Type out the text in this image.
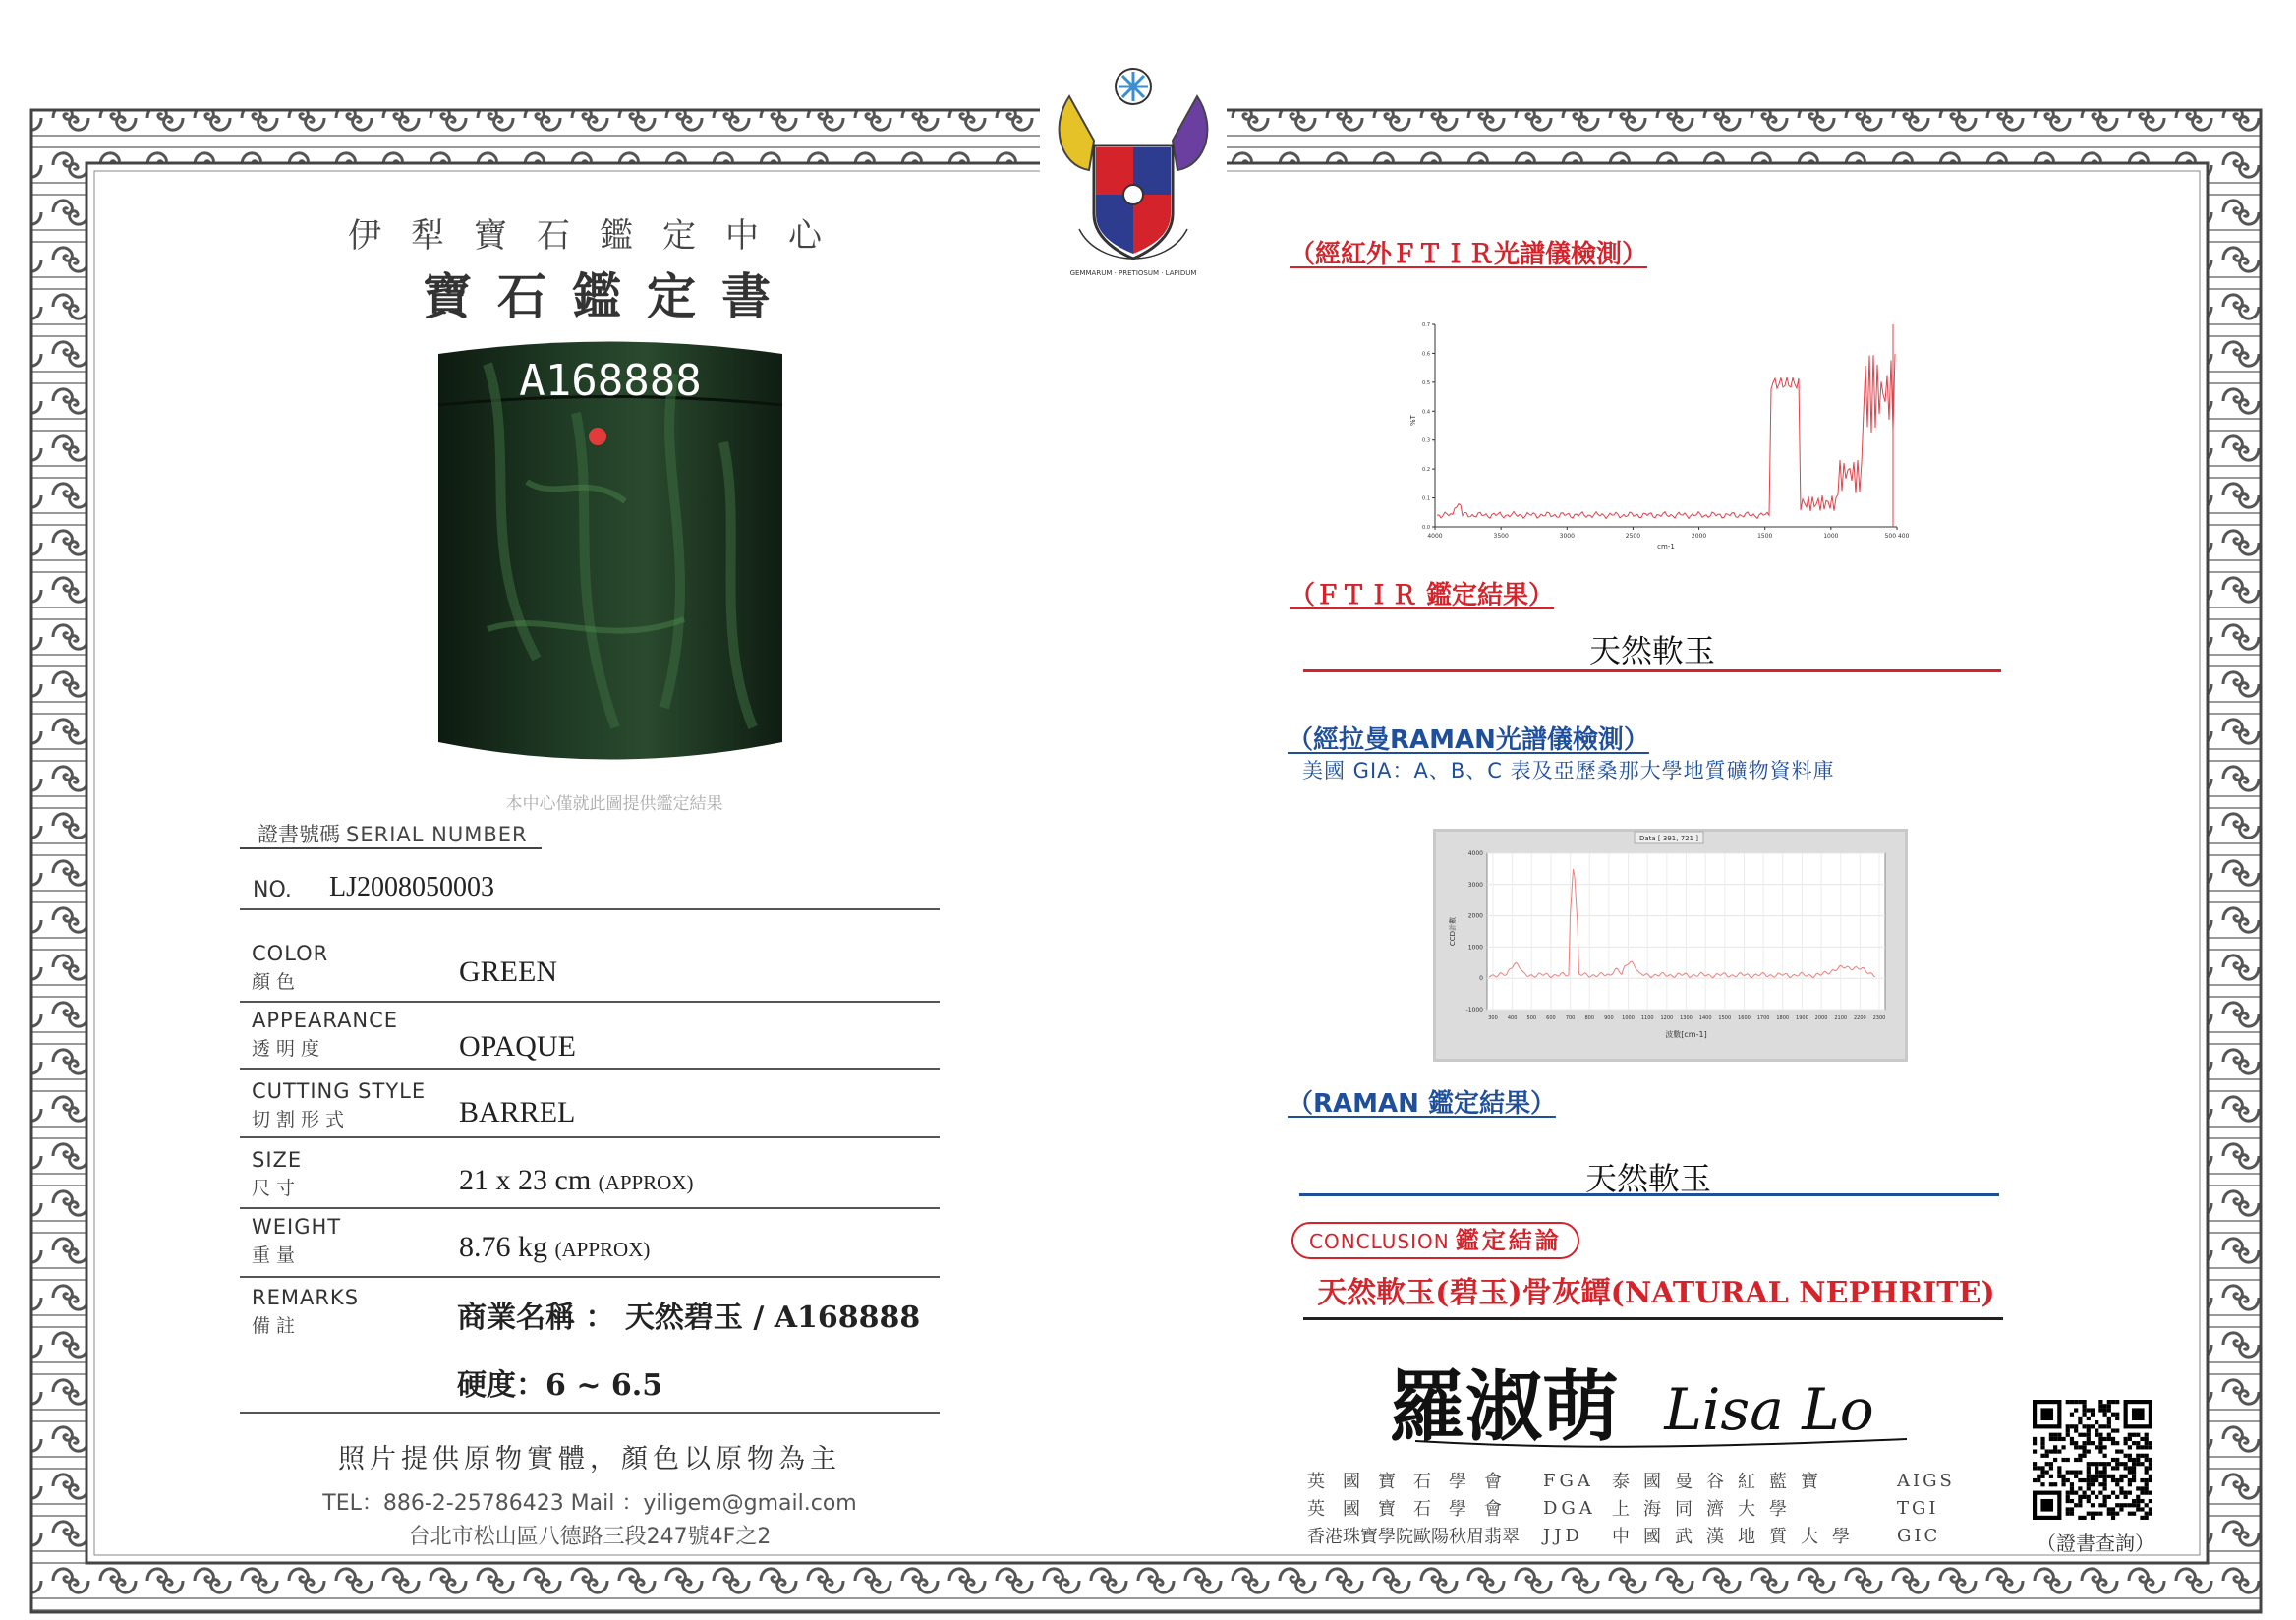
GEMMARUM · PRETIOSUM · LAPIDUM
伊犁寶石鑑定中心
寶石鑑定書
A168888
本中心僅就此圖提供鑑定結果
證書號碼 SERIAL NUMBER
NO. LJ2008050003
COLOR
顏色	GREEN
APPEARANCE
透明度	OPAQUE
CUTTING STYLE
切割形式	BARREL
SIZE
尺寸	21 x 23 cm (APPROX)
WEIGHT
重量	8.76 kg (APPROX)
REMARKS
備註	商業名稱 ： 天然碧玉 / A168888
硬度：6 ~ 6.5
照片提供原物實體，顏色以原物為主
TEL：886-2-25786423 Mail ：yiligem@gmail.com
台北市松山區八德路三段247號4F之2
（經紅外ＦＴＩＲ光譜儀檢測）
0.0
0.1
0.2
0.3
0.4
0.5
0.6
0.7
4000	3500	3000	2500	2000	1500	1000	500 400
%T
cm-1
（ＦＴＩＲ 鑑定結果）
天然軟玉
（經拉曼RAMAN光譜儀檢測）
美國 GIA：A、B、C 表及亞歷桑那大學地質礦物資料庫
Data [ 391, 721 ]
4000
3000
2000
1000
0
-1000
300 400 500 600 700 800 900 1000 1100 1200 1300 1400 1500 1600 1700 1800 1900 2000 2100 2200 2300
CCD計數
波數[cm-1]
（RAMAN 鑑定結果）
天然軟玉
CONCLUSION 鑑定結論
天然軟玉(碧玉)骨灰罈(NATURAL NEPHRITE)
羅淑萌 Lisa Lo
英國寶石學會	FGA	泰國曼谷紅藍寶	AIGS
英國寶石學會	DGA 上海同濟大學	TGI
香港珠寶學院歐陽秋眉翡翠	JJD	中國武漢地質大學	GIC	（證書查詢）
